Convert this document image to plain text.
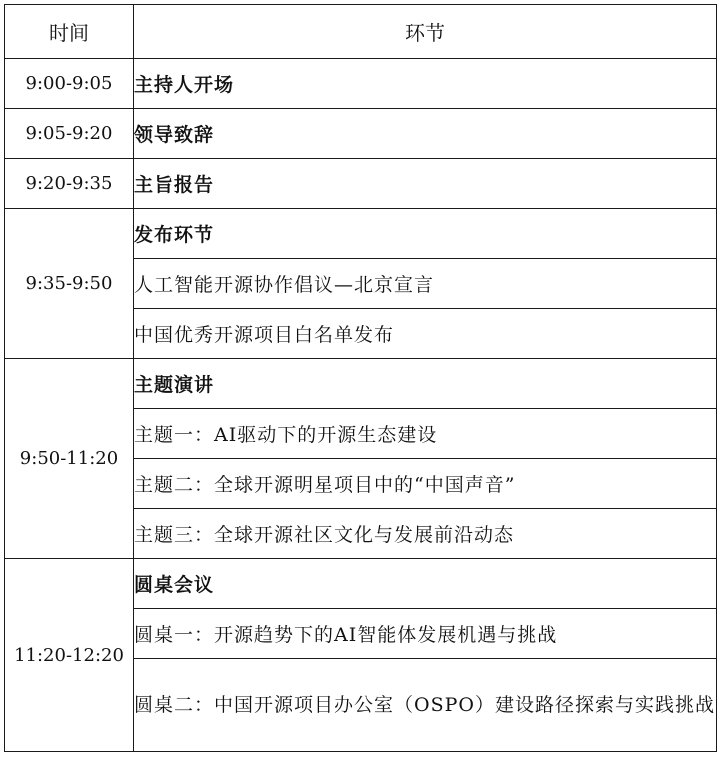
时间	环节
9:00-9:05	主持人开场
9:05-9:20	领导致辞
9:20-9:35	主旨报告
9:35-9:50	发布环节
	人工智能开源协作倡议—北京宣言
	中国优秀开源项目白名单发布
9:50-11:20	主题演讲
	主题一：AI驱动下的开源生态建设
	主题二：全球开源明星项目中的“中国声音”
	主题三：全球开源社区文化与发展前沿动态
11:20-12:20	圆桌会议
	圆桌一：开源趋势下的AI智能体发展机遇与挑战
	圆桌二：中国开源项目办公室（OSPO）建设路径探索与实践挑战
